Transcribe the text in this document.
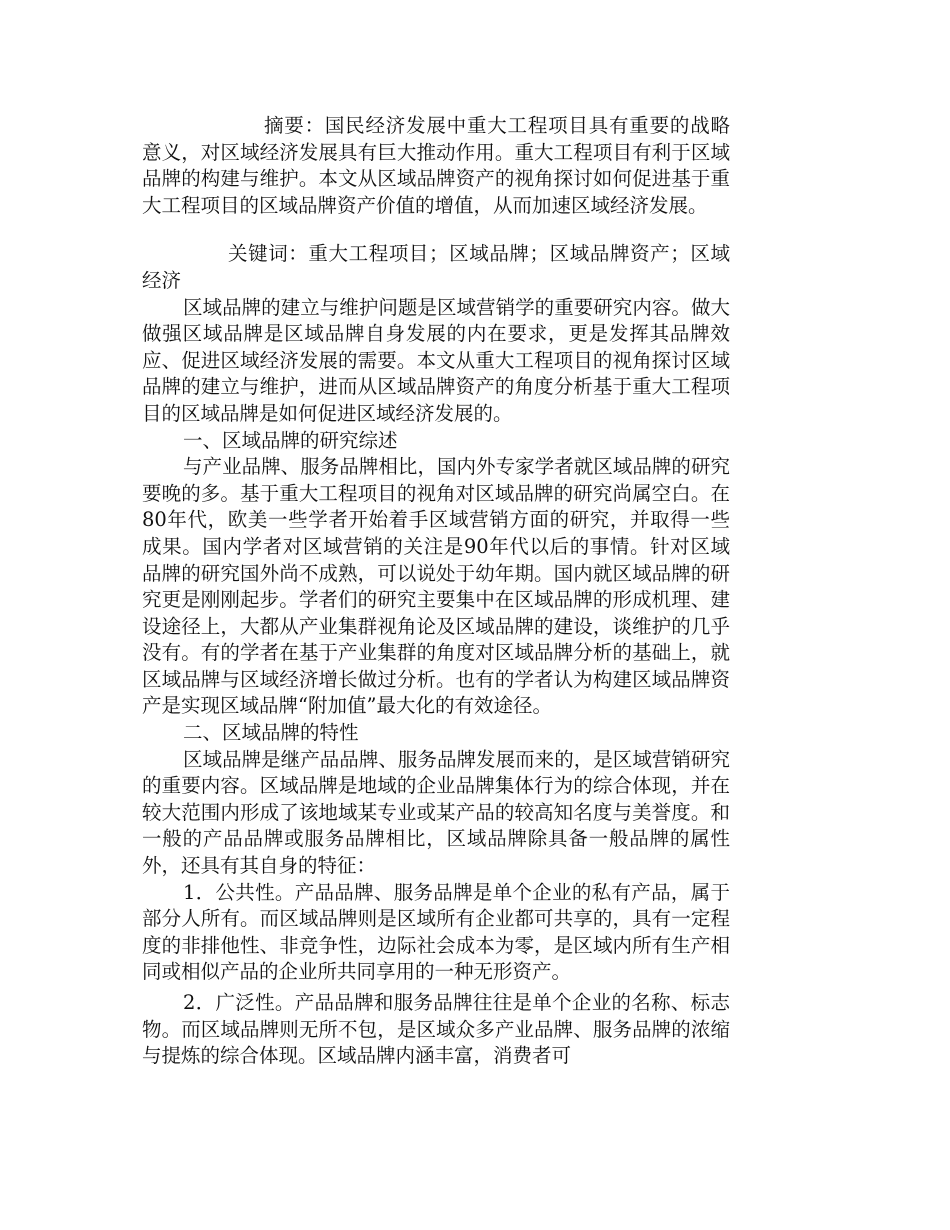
摘要：国民经济发展中重大工程项目具有重要的战略意义，对区域经济发展具有巨大推动作用。重大工程项目有利于区域品牌的构建与维护。本文从区域品牌资产的视角探讨如何促进基于重大工程项目的区域品牌资产价值的增值，从而加速区域经济发展。

关键词：重大工程项目；区域品牌；区域品牌资产；区域经济

区域品牌的建立与维护问题是区域营销学的重要研究内容。做大做强区域品牌是区域品牌自身发展的内在要求，更是发挥其品牌效应、促进区域经济发展的需要。本文从重大工程项目的视角探讨区域品牌的建立与维护，进而从区域品牌资产的角度分析基于重大工程项目的区域品牌是如何促进区域经济发展的。

一、区域品牌的研究综述

与产业品牌、服务品牌相比，国内外专家学者就区域品牌的研究要晚的多。基于重大工程项目的视角对区域品牌的研究尚属空白。在80年代，欧美一些学者开始着手区域营销方面的研究，并取得一些成果。国内学者对区域营销的关注是90年代以后的事情。针对区域品牌的研究国外尚不成熟，可以说处于幼年期。国内就区域品牌的研究更是刚刚起步。学者们的研究主要集中在区域品牌的形成机理、建设途径上，大都从产业集群视角论及区域品牌的建设，谈维护的几乎没有。有的学者在基于产业集群的角度对区域品牌分析的基础上，就区域品牌与区域经济增长做过分析。也有的学者认为构建区域品牌资产是实现区域品牌“附加值”最大化的有效途径。

二、区域品牌的特性

区域品牌是继产品品牌、服务品牌发展而来的，是区域营销研究的重要内容。区域品牌是地域的企业品牌集体行为的综合体现，并在较大范围内形成了该地域某专业或某产品的较高知名度与美誉度。和一般的产品品牌或服务品牌相比，区域品牌除具备一般品牌的属性外，还具有其自身的特征：

1．公共性。产品品牌、服务品牌是单个企业的私有产品，属于部分人所有。而区域品牌则是区域所有企业都可共享的，具有一定程度的非排他性、非竞争性，边际社会成本为零，是区域内所有生产相同或相似产品的企业所共同享用的一种无形资产。

2．广泛性。产品品牌和服务品牌往往是单个企业的名称、标志物。而区域品牌则无所不包，是区域众多产业品牌、服务品牌的浓缩与提炼的综合体现。区域品牌内涵丰富，消费者可
